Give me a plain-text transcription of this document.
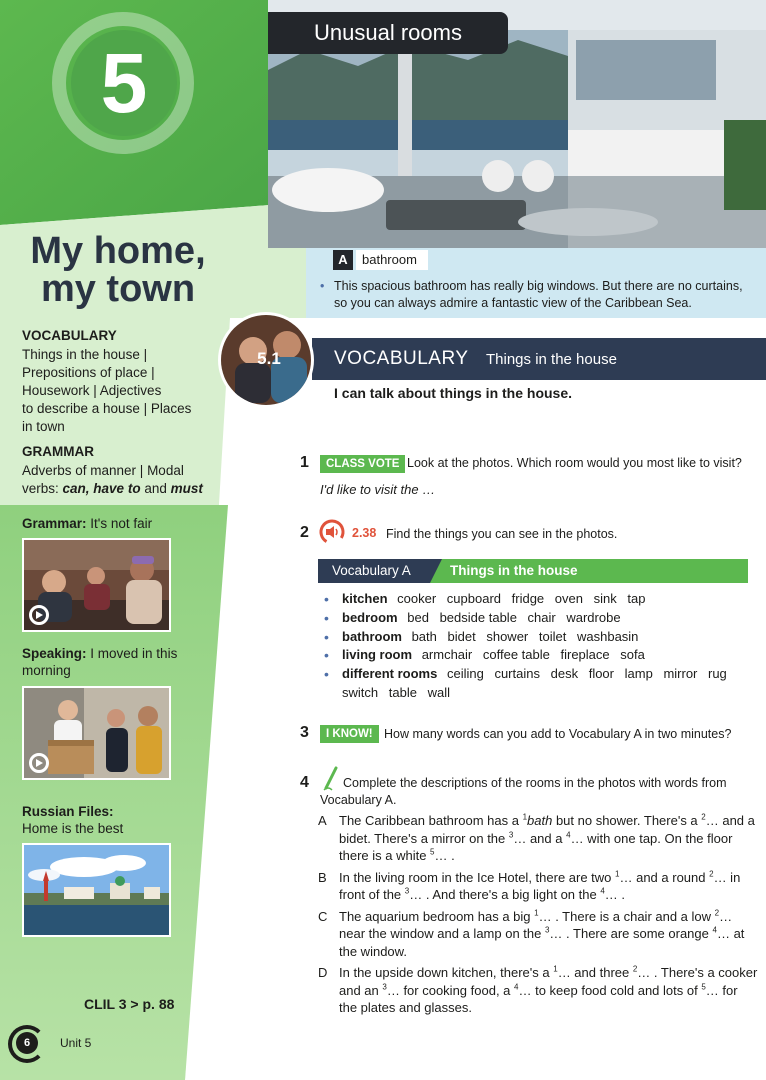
5
My home,
my town
VOCABULARY
Things in the house |
Prepositions of place |
Housework | Adjectives
to describe a house | Places
in town
GRAMMAR
Adverbs of manner | Modal
verbs: can, have to and must
Grammar: It's not fair
Speaking: I moved in this
morning
Russian Files:
Home is the best
CLIL 3 > p. 88
6	Unit 5
Unusual rooms
A	bathroom
• This spacious bathroom has really big windows. But there are no curtains, so you can always admire a fantastic view of the Caribbean Sea.
5.1	VOCABULARY Things in the house
I can talk about things in the house.
1	CLASS VOTE Look at the photos. Which room would you most like to visit?
I'd like to visit the …
2	2.38 Find the things you can see in the photos.
Vocabulary A	Things in the house
• kitchen cooker cupboard fridge oven sink tap
• bedroom bed bedside table chair wardrobe
• bathroom bath bidet shower toilet washbasin
• living room armchair coffee table fireplace sofa
• different rooms ceiling curtains desk floor lamp mirror rug switch table wall
3	I KNOW! How many words can you add to Vocabulary A in two minutes?
4	Complete the descriptions of the rooms in the photos with words from Vocabulary A.
A The Caribbean bathroom has a $^1$bath but no shower. There's a $^2$… and a bidet. There's a mirror on the $^3$… and a $^4$… with one tap. On the floor there is a white $^5$… .
B In the living room in the Ice Hotel, there are two $^1$… and a round $^2$… in front of the $^3$… . And there's a big light on the $^4$… .
C The aquarium bedroom has a big $^1$… . There is a chair and a low $^2$… near the window and a lamp on the $^3$… . There are some orange $^4$… at the window.
D In the upside down kitchen, there's a $^1$… and three $^2$… . There's a cooker and an $^3$… for cooking food, a $^4$… to keep food cold and lots of $^5$… for the plates and glasses.
